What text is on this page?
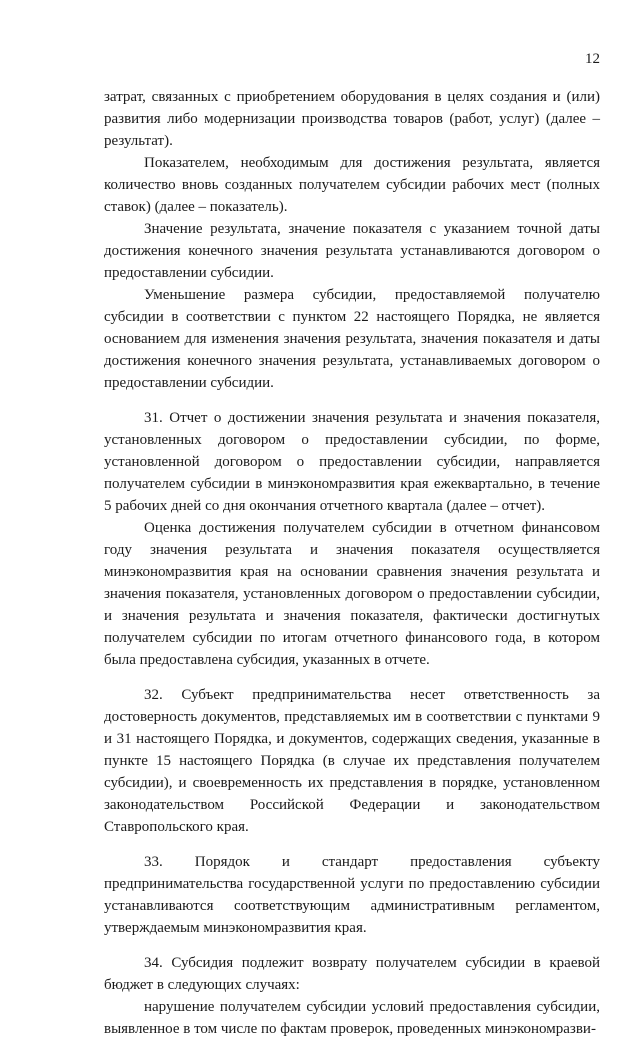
12

затрат, связанных с приобретением оборудования в целях создания и (или) развития либо модернизации производства товаров (работ, услуг) (далее – результат).

Показателем, необходимым для достижения результата, является количество вновь созданных получателем субсидии рабочих мест (полных ставок) (далее – показатель).

Значение результата, значение показателя с указанием точной даты достижения конечного значения результата устанавливаются договором о предоставлении субсидии.

Уменьшение размера субсидии, предоставляемой получателю субсидии в соответствии с пунктом 22 настоящего Порядка, не является основанием для изменения значения результата, значения показателя и даты достижения конечного значения результата, устанавливаемых договором о предоставлении субсидии.

31. Отчет о достижении значения результата и значения показателя, установленных договором о предоставлении субсидии, по форме, установленной договором о предоставлении субсидии, направляется получателем субсидии в минэкономразвития края ежеквартально, в течение 5 рабочих дней со дня окончания отчетного квартала (далее – отчет).

Оценка достижения получателем субсидии в отчетном финансовом году значения результата и значения показателя осуществляется минэкономразвития края на основании сравнения значения результата и значения показателя, установленных договором о предоставлении субсидии, и значения результата и значения показателя, фактически достигнутых получателем субсидии по итогам отчетного финансового года, в котором была предоставлена субсидия, указанных в отчете.

32. Субъект предпринимательства несет ответственность за достоверность документов, представляемых им в соответствии с пунктами 9 и 31 настоящего Порядка, и документов, содержащих сведения, указанные в пункте 15 настоящего Порядка (в случае их представления получателем субсидии), и своевременность их представления в порядке, установленном законодательством Российской Федерации и законодательством Ставропольского края.

33. Порядок и стандарт предоставления субъекту предпринимательства государственной услуги по предоставлению субсидии устанавливаются соответствующим административным регламентом, утверждаемым минэкономразвития края.

34. Субсидия подлежит возврату получателем субсидии в краевой бюджет в следующих случаях:

нарушение получателем субсидии условий предоставления субсидии, выявленное в том числе по фактам проверок, проведенных минэкономразви-
